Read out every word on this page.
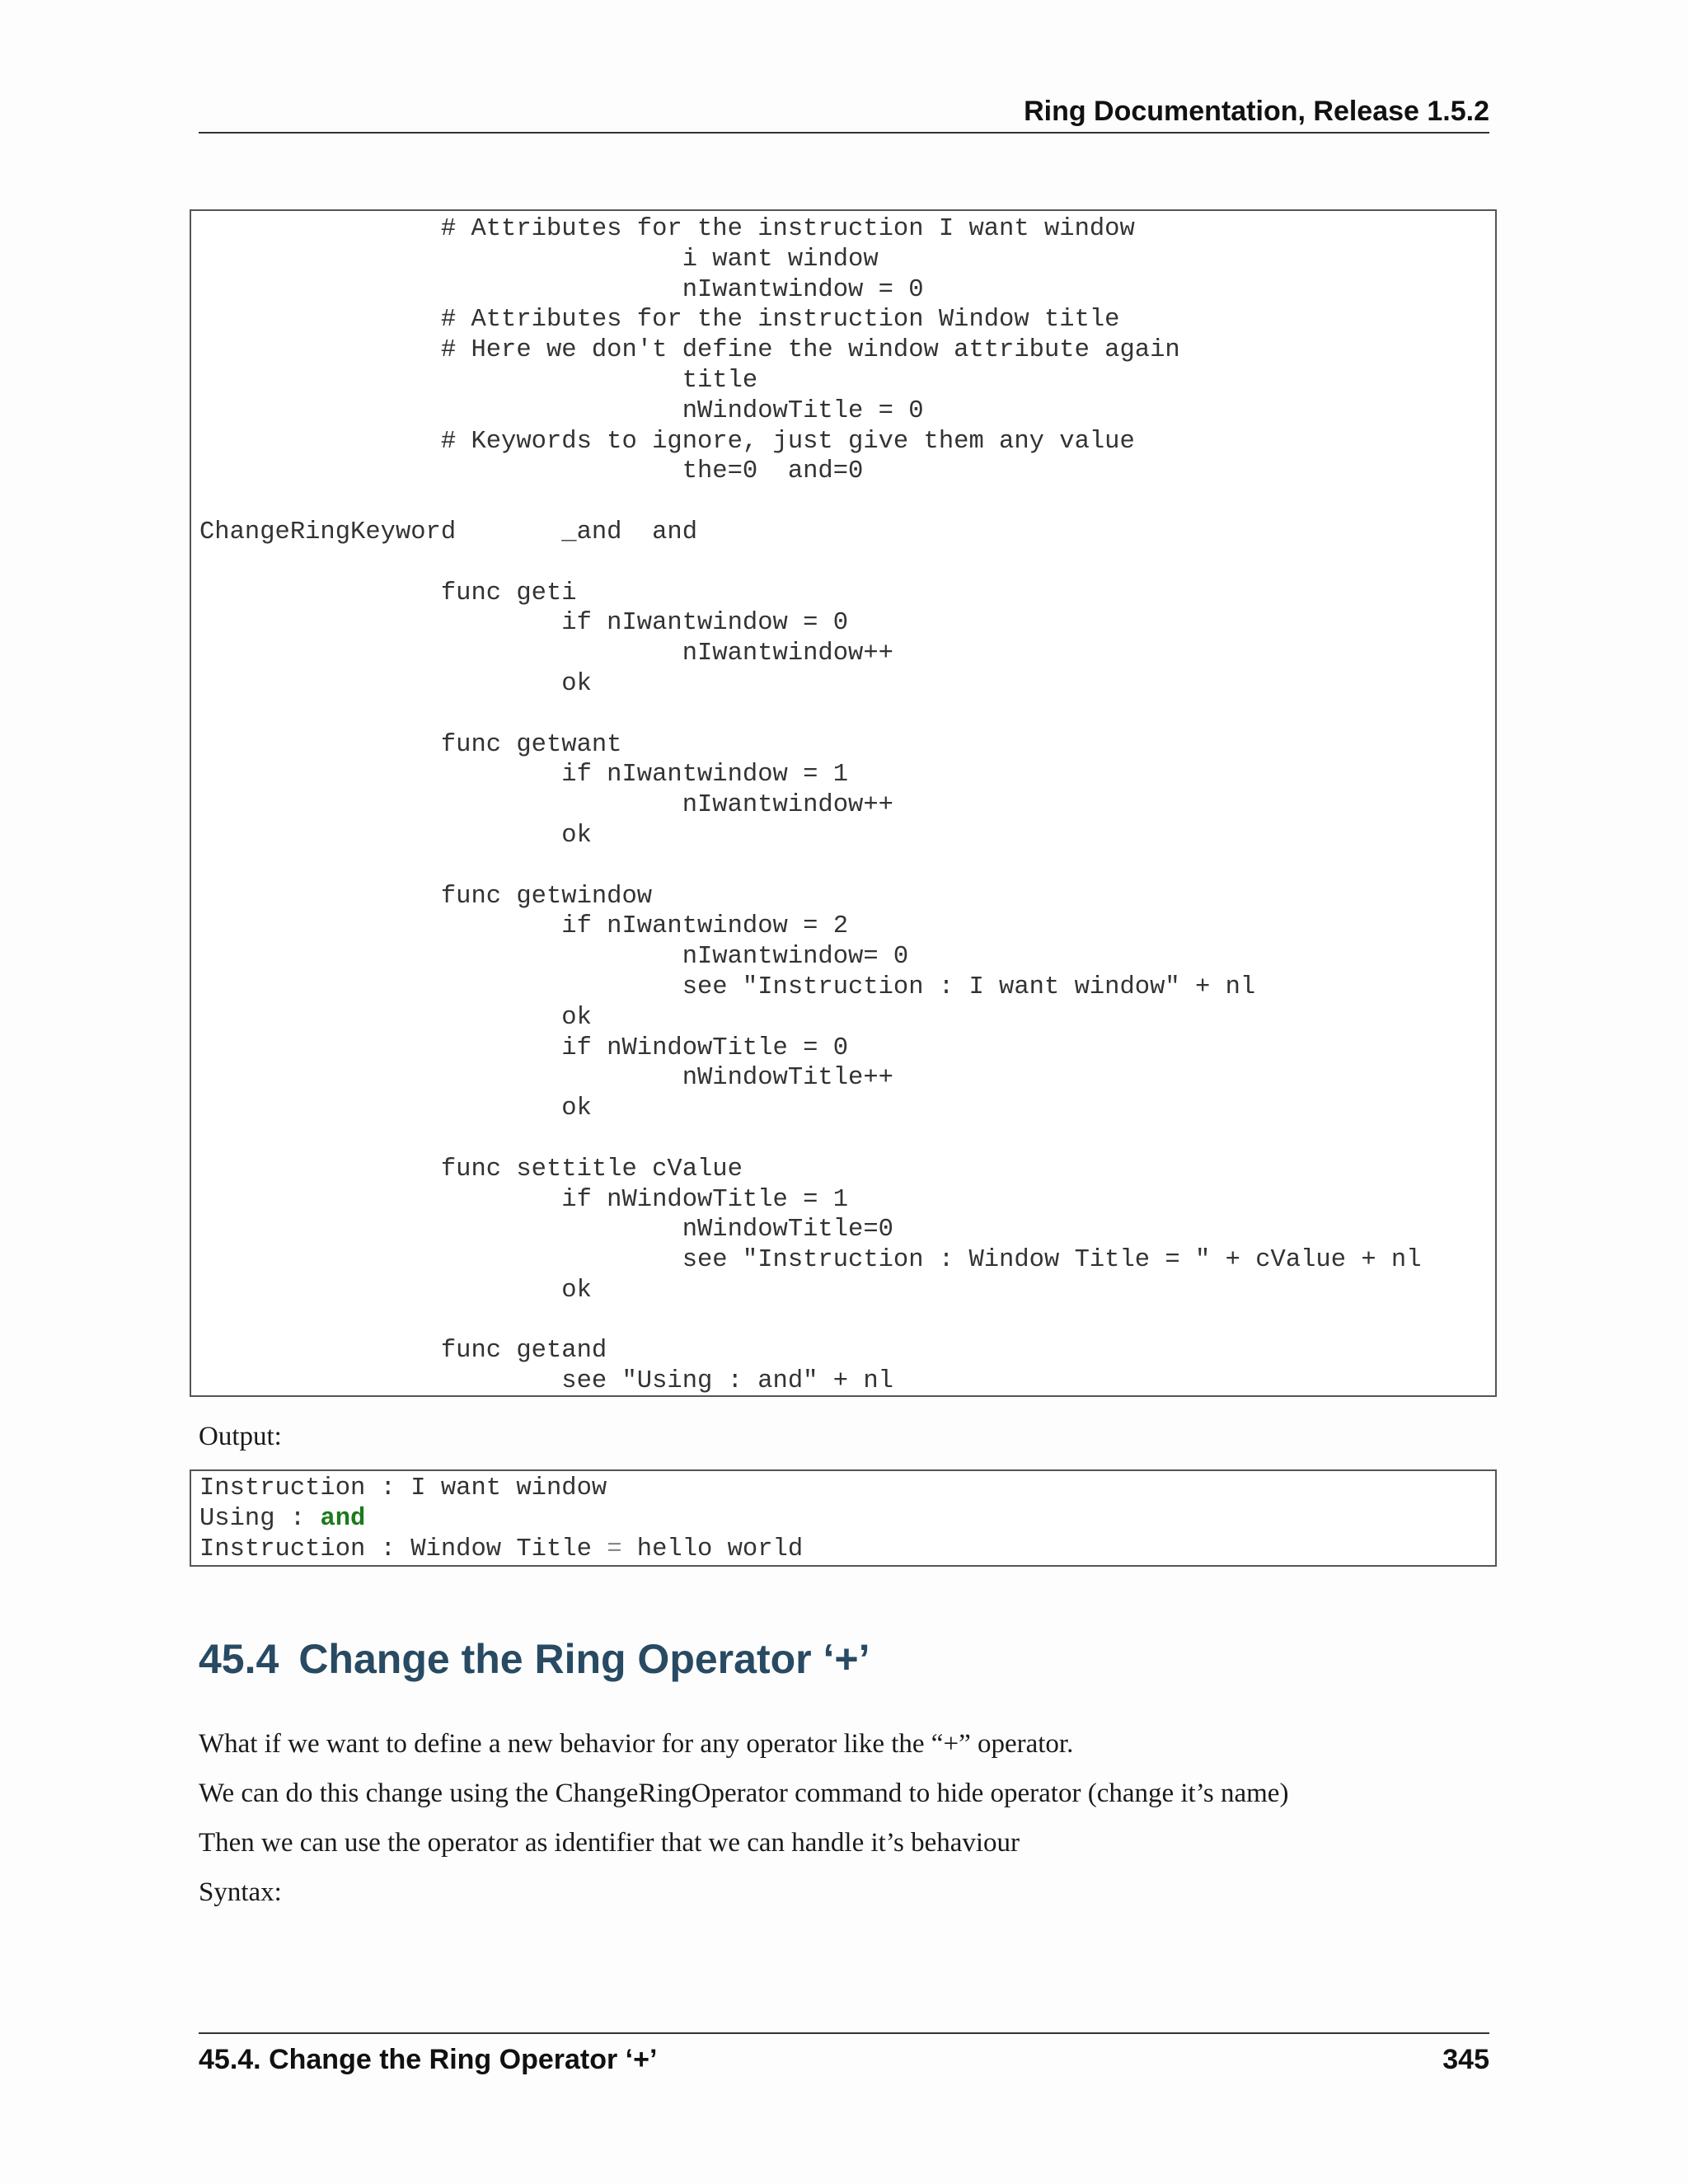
Ring Documentation, Release 1.5.2
# Attributes for the instruction I want window
i want window
nIwantwindow = 0
# Attributes for the instruction Window title
# Here we don't define the window attribute again
title
nWindowTitle = 0
# Keywords to ignore, just give them any value
the=0  and=0

ChangeRingKeyword       _and  and

func geti
if nIwantwindow = 0
nIwantwindow++
ok

func getwant
if nIwantwindow = 1
nIwantwindow++
ok

func getwindow
if nIwantwindow = 2
nIwantwindow= 0
see "Instruction : I want window" + nl
ok
if nWindowTitle = 0
nWindowTitle++
ok

func settitle cValue
if nWindowTitle = 1
nWindowTitle=0
see "Instruction : Window Title = " + cValue + nl
ok

func getand
see "Using : and" + nl
Output:
Instruction : I want window
Using : and
Instruction : Window Title = hello world
45.4 Change the Ring Operator ‘+’
What if we want to define a new behavior for any operator like the “+” operator.
We can do this change using the ChangeRingOperator command to hide operator (change it’s name)
Then we can use the operator as identifier that we can handle it’s behaviour
Syntax:
45.4. Change the Ring Operator ‘+’	345
